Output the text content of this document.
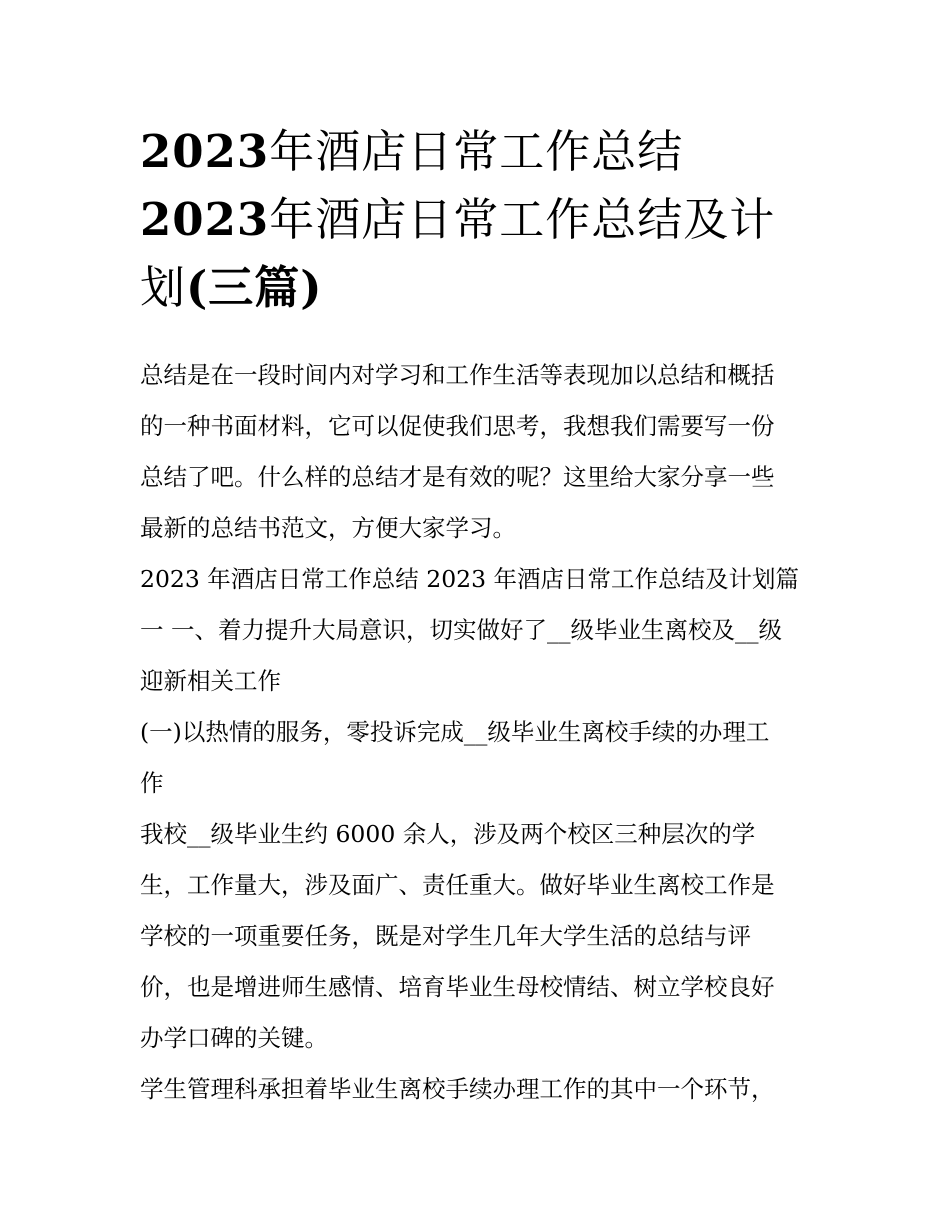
2023年酒店日常工作总结
2023年酒店日常工作总结及计
划(三篇)

总结是在一段时间内对学习和工作生活等表现加以总结和概括
的一种书面材料，它可以促使我们思考，我想我们需要写一份
总结了吧。什么样的总结才是有效的呢？这里给大家分享一些
最新的总结书范文，方便大家学习。

2023 年酒店日常工作总结 2023 年酒店日常工作总结及计划篇
一 一、着力提升大局意识，切实做好了__级毕业生离校及__级
迎新相关工作

(一)以热情的服务，零投诉完成__级毕业生离校手续的办理工
作

我校__级毕业生约 6000 余人，涉及两个校区三种层次的学
生，工作量大，涉及面广、责任重大。做好毕业生离校工作是
学校的一项重要任务，既是对学生几年大学生活的总结与评
价，也是增进师生感情、培育毕业生母校情结、树立学校良好
办学口碑的关键。

学生管理科承担着毕业生离校手续办理工作的其中一个环节，
